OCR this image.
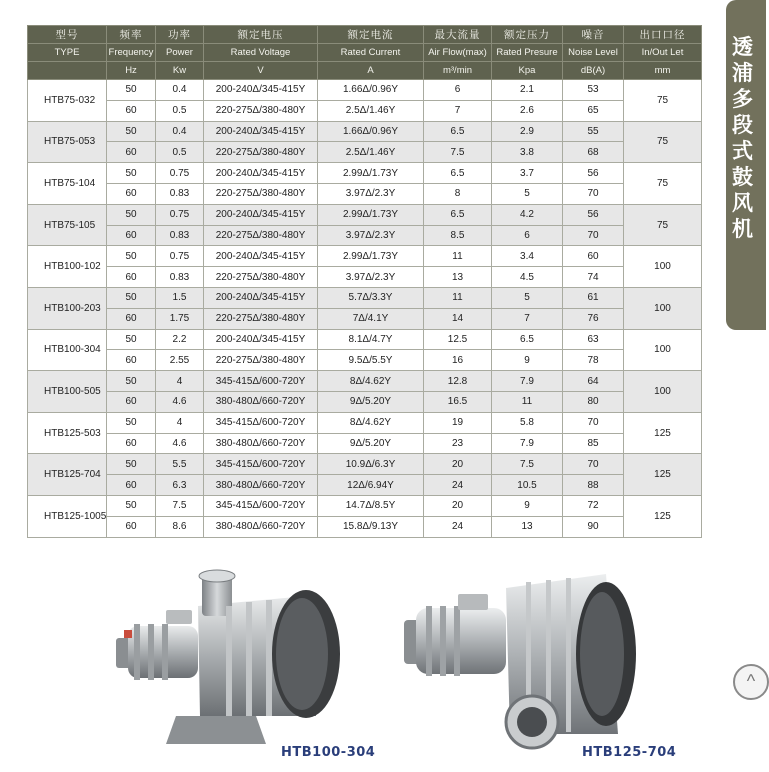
型号	频率	功率	额定电压	额定电流	最大流量	额定压力	噪音	出口口径
TYPE	Frequency	Power	Rated Voltage	Rated Current	Air Flow(max)	Rated Presure	Noise Level	In/Out Let
	Hz	Kw	V	A	m³/min	Kpa	dB(A)	mm
HTB75-032	50	0.4	200-240Δ/345-415Y	1.66Δ/0.96Y	6	2.1	53	75
	60	0.5	220-275Δ/380-480Y	2.5Δ/1.46Y	7	2.6	65	
HTB75-053	50	0.4	200-240Δ/345-415Y	1.66Δ/0.96Y	6.5	2.9	55	75
	60	0.5	220-275Δ/380-480Y	2.5Δ/1.46Y	7.5	3.8	68	
HTB75-104	50	0.75	200-240Δ/345-415Y	2.99Δ/1.73Y	6.5	3.7	56	75
	60	0.83	220-275Δ/380-480Y	3.97Δ/2.3Y	8	5	70	
HTB75-105	50	0.75	200-240Δ/345-415Y	2.99Δ/1.73Y	6.5	4.2	56	75
	60	0.83	220-275Δ/380-480Y	3.97Δ/2.3Y	8.5	6	70	
HTB100-102	50	0.75	200-240Δ/345-415Y	2.99Δ/1.73Y	11	3.4	60	100
	60	0.83	220-275Δ/380-480Y	3.97Δ/2.3Y	13	4.5	74	
HTB100-203	50	1.5	200-240Δ/345-415Y	5.7Δ/3.3Y	11	5	61	100
	60	1.75	220-275Δ/380-480Y	7Δ/4.1Y	14	7	76	
HTB100-304	50	2.2	200-240Δ/345-415Y	8.1Δ/4.7Y	12.5	6.5	63	100
	60	2.55	220-275Δ/380-480Y	9.5Δ/5.5Y	16	9	78	
HTB100-505	50	4	345-415Δ/600-720Y	8Δ/4.62Y	12.8	7.9	64	100
	60	4.6	380-480Δ/660-720Y	9Δ/5.20Y	16.5	11	80	
HTB125-503	50	4	345-415Δ/600-720Y	8Δ/4.62Y	19	5.8	70	125
	60	4.6	380-480Δ/660-720Y	9Δ/5.20Y	23	7.9	85	
HTB125-704	50	5.5	345-415Δ/600-720Y	10.9Δ/6.3Y	20	7.5	70	125
	60	6.3	380-480Δ/660-720Y	12Δ/6.94Y	24	10.5	88	
HTB125-1005	50	7.5	345-415Δ/600-720Y	14.7Δ/8.5Y	20	9	72	125
	60	8.6	380-480Δ/660-720Y	15.8Δ/9.13Y	24	13	90	
透
浦
多
段
式
鼓
风
机
HTB100-304	HTB125-704
^
